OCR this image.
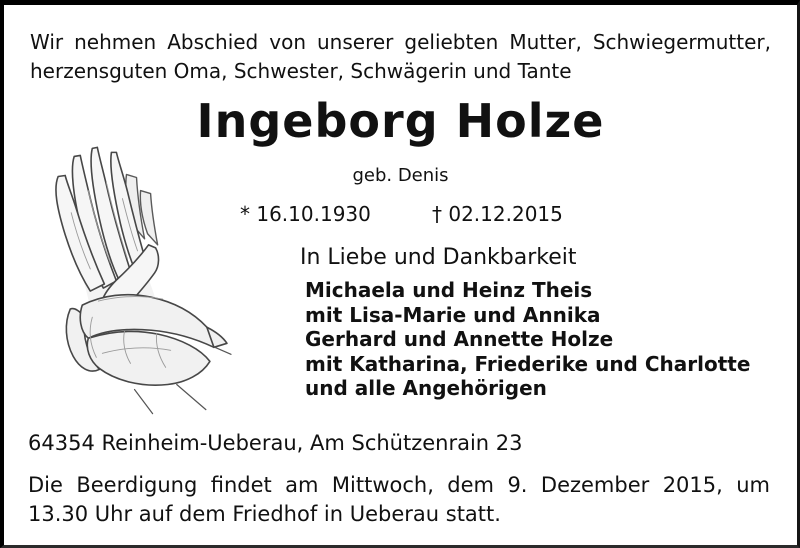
Wir nehmen Abschied von unserer geliebten Mutter, Schwiegermutter,
herzensguten Oma, Schwester, Schwägerin und Tante
Ingeborg Holze
geb. Denis
* 16.10.1930	† 02.12.2015
In Liebe und Dankbarkeit
Michaela und Heinz Theis
mit Lisa-Marie und Annika
Gerhard und Annette Holze
mit Katharina, Friederike und Charlotte
und alle Angehörigen
64354 Reinheim-Ueberau, Am Schützenrain 23
Die Beerdigung findet am Mittwoch, dem 9. Dezember 2015, um
13.30 Uhr auf dem Friedhof in Ueberau statt.
